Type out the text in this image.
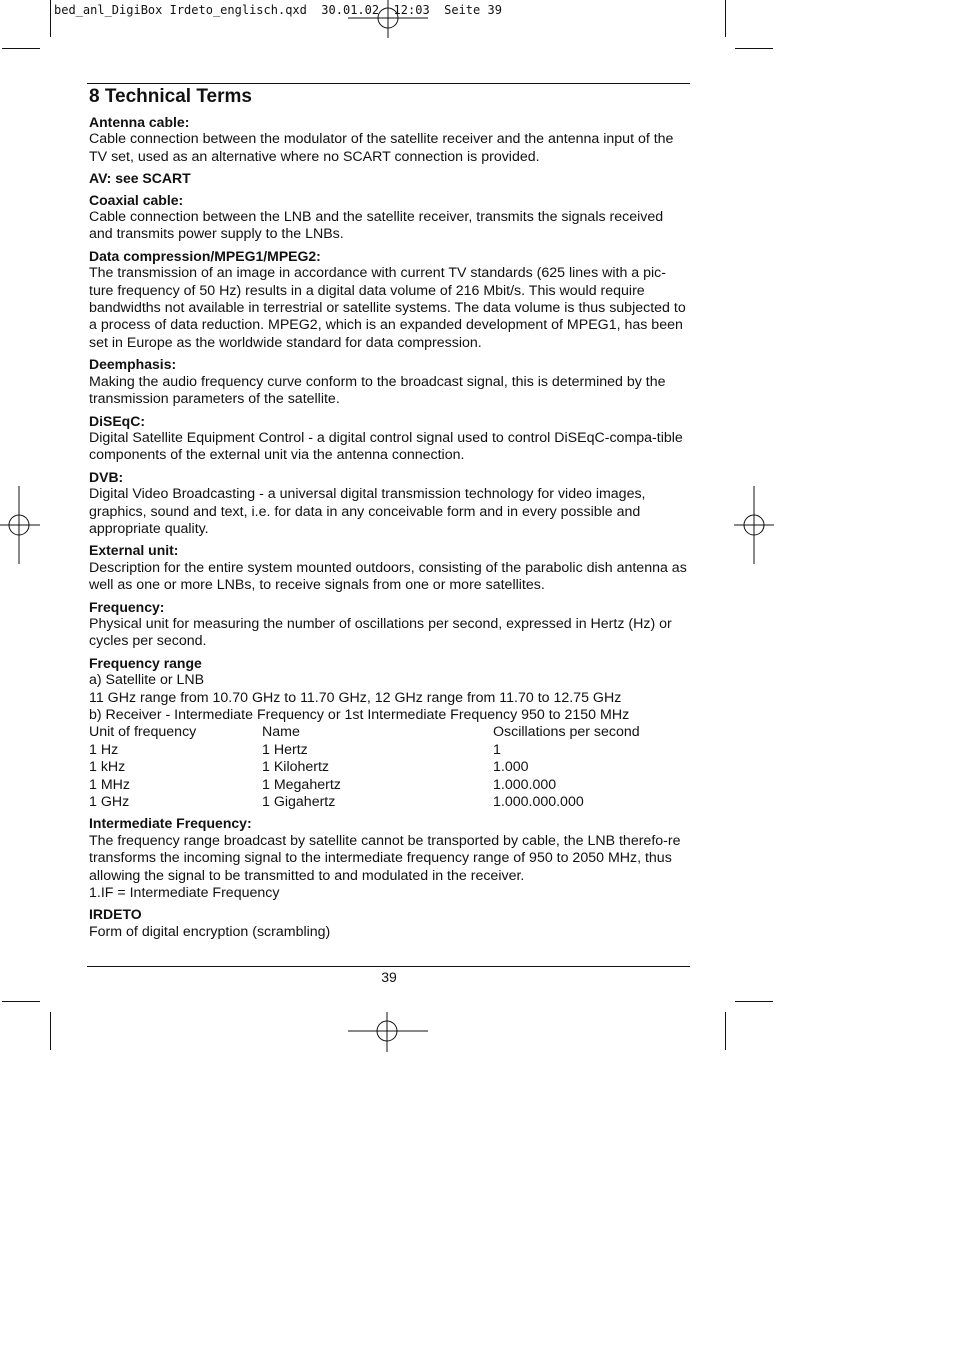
bed_anl_DigiBox Irdeto_englisch.qxd  30.01.02  12:03  Seite 39
8 Technical Terms
Antenna cable:

Cable connection between the modulator of the satellite receiver and the antenna input of the TV set, used as an alternative where no SCART connection is provided.

AV: see SCART
Coaxial cable:

Cable connection between the LNB and the satellite receiver, transmits the signals received and transmits power supply to the LNBs.

Data compression/MPEG1/MPEG2:

The transmission of an image in accordance with current TV standards (625 lines with a pic-ture frequency of 50 Hz) results in a digital data volume of 216 Mbit/s. This would require bandwidths not available in terrestrial or satellite systems. The data volume is thus subjected to a process of data reduction. MPEG2, which is an expanded development of MPEG1, has been set in Europe as the worldwide standard for data compression.

Deemphasis:

Making the audio frequency curve conform to the broadcast signal, this is determined by the transmission parameters of the satellite.

DiSEqC:

Digital Satellite Equipment Control - a digital control signal used to control DiSEqC-compa-tible components of the external unit via the antenna connection.

DVB:

Digital Video Broadcasting - a universal digital transmission technology for video images, graphics, sound and text, i.e. for data in any conceivable form and in every possible and appropriate quality.

External unit:

Description for the entire system mounted outdoors, consisting of the parabolic dish antenna as well as one or more LNBs, to receive signals from one or more satellites.

Frequency:

Physical unit for measuring the number of oscillations per second, expressed in Hertz (Hz) or cycles per second.

Frequency range

a) Satellite or LNB

11 GHz range from 10.70 GHz to 11.70 GHz, 12 GHz range from 11.70 to 12.75 GHz

b) Receiver - Intermediate Frequency or 1st Intermediate Frequency 950 to 2150 MHz

Unit of frequency	Name	Oscillations per second
1 Hz	1 Hertz	1
1 kHz	1 Kilohertz	1.000
1 MHz	1 Megahertz	1.000.000
1 GHz	1 Gigahertz	1.000.000.000
Intermediate Frequency:

The frequency range broadcast by satellite cannot be transported by cable, the LNB therefo-re transforms the incoming signal to the intermediate frequency range of 950 to 2050 MHz, thus allowing the signal to be transmitted to and modulated in the receiver.

1.IF = Intermediate Frequency

IRDETO

Form of digital encryption (scrambling)

39
